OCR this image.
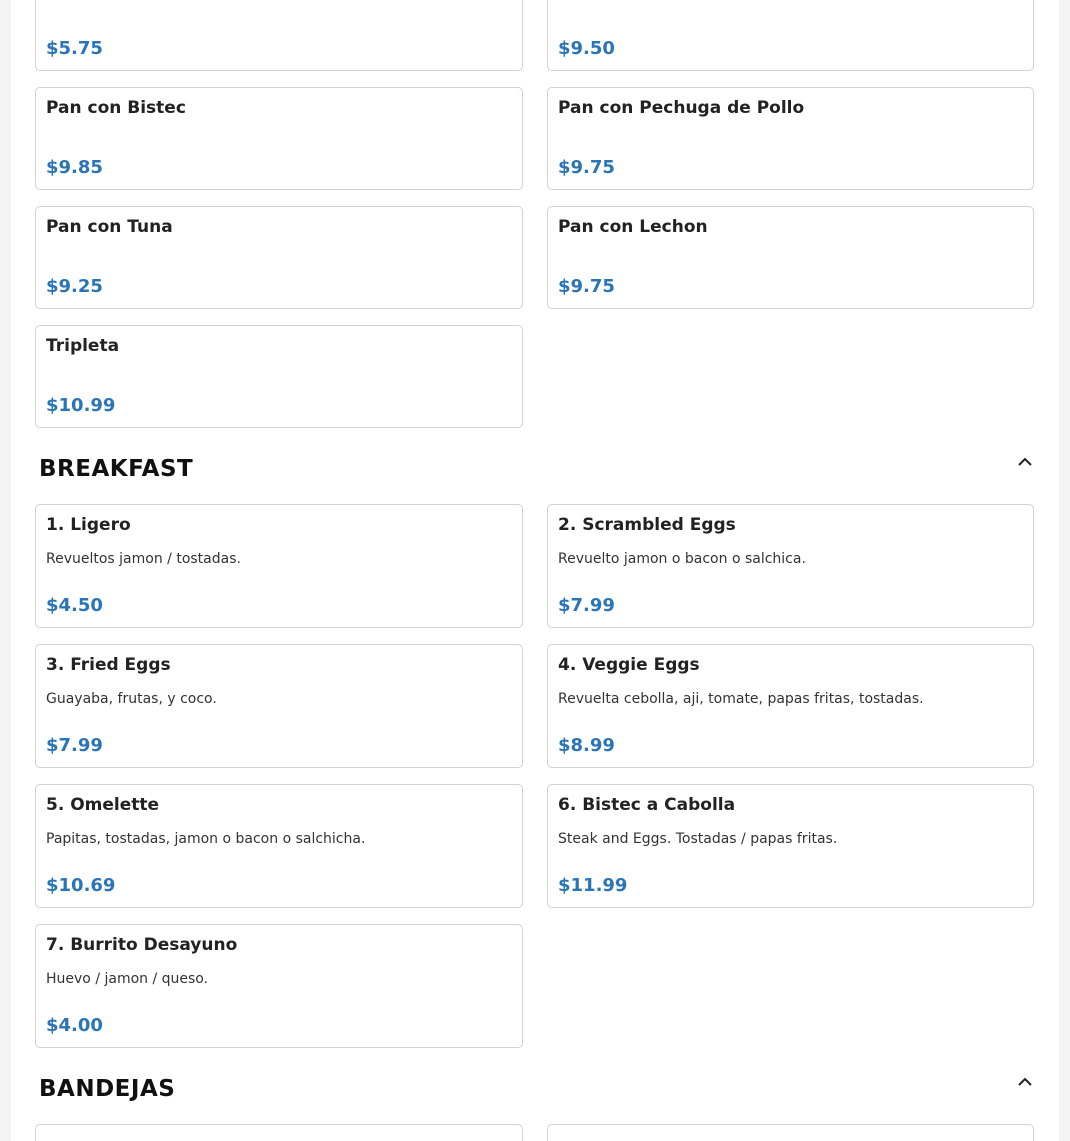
$5.75	$9.50
Pan con Bistec
$9.85
Pan con Pechuga de Pollo
$9.75
Pan con Tuna
$9.25
Pan con Lechon
$9.75
Tripleta
$10.99
BREAKFAST
1. Ligero
Revueltos jamon / tostadas.
$4.50
2. Scrambled Eggs
Revuelto jamon o bacon o salchica.
$7.99
3. Fried Eggs
Guayaba, frutas, y coco.
$7.99
4. Veggie Eggs
Revuelta cebolla, aji, tomate, papas fritas, tostadas.
$8.99
5. Omelette
Papitas, tostadas, jamon o bacon o salchicha.
$10.69
6. Bistec a Cabolla
Steak and Eggs. Tostadas / papas fritas.
$11.99
7. Burrito Desayuno
Huevo / jamon / queso.
$4.00
BANDEJAS
